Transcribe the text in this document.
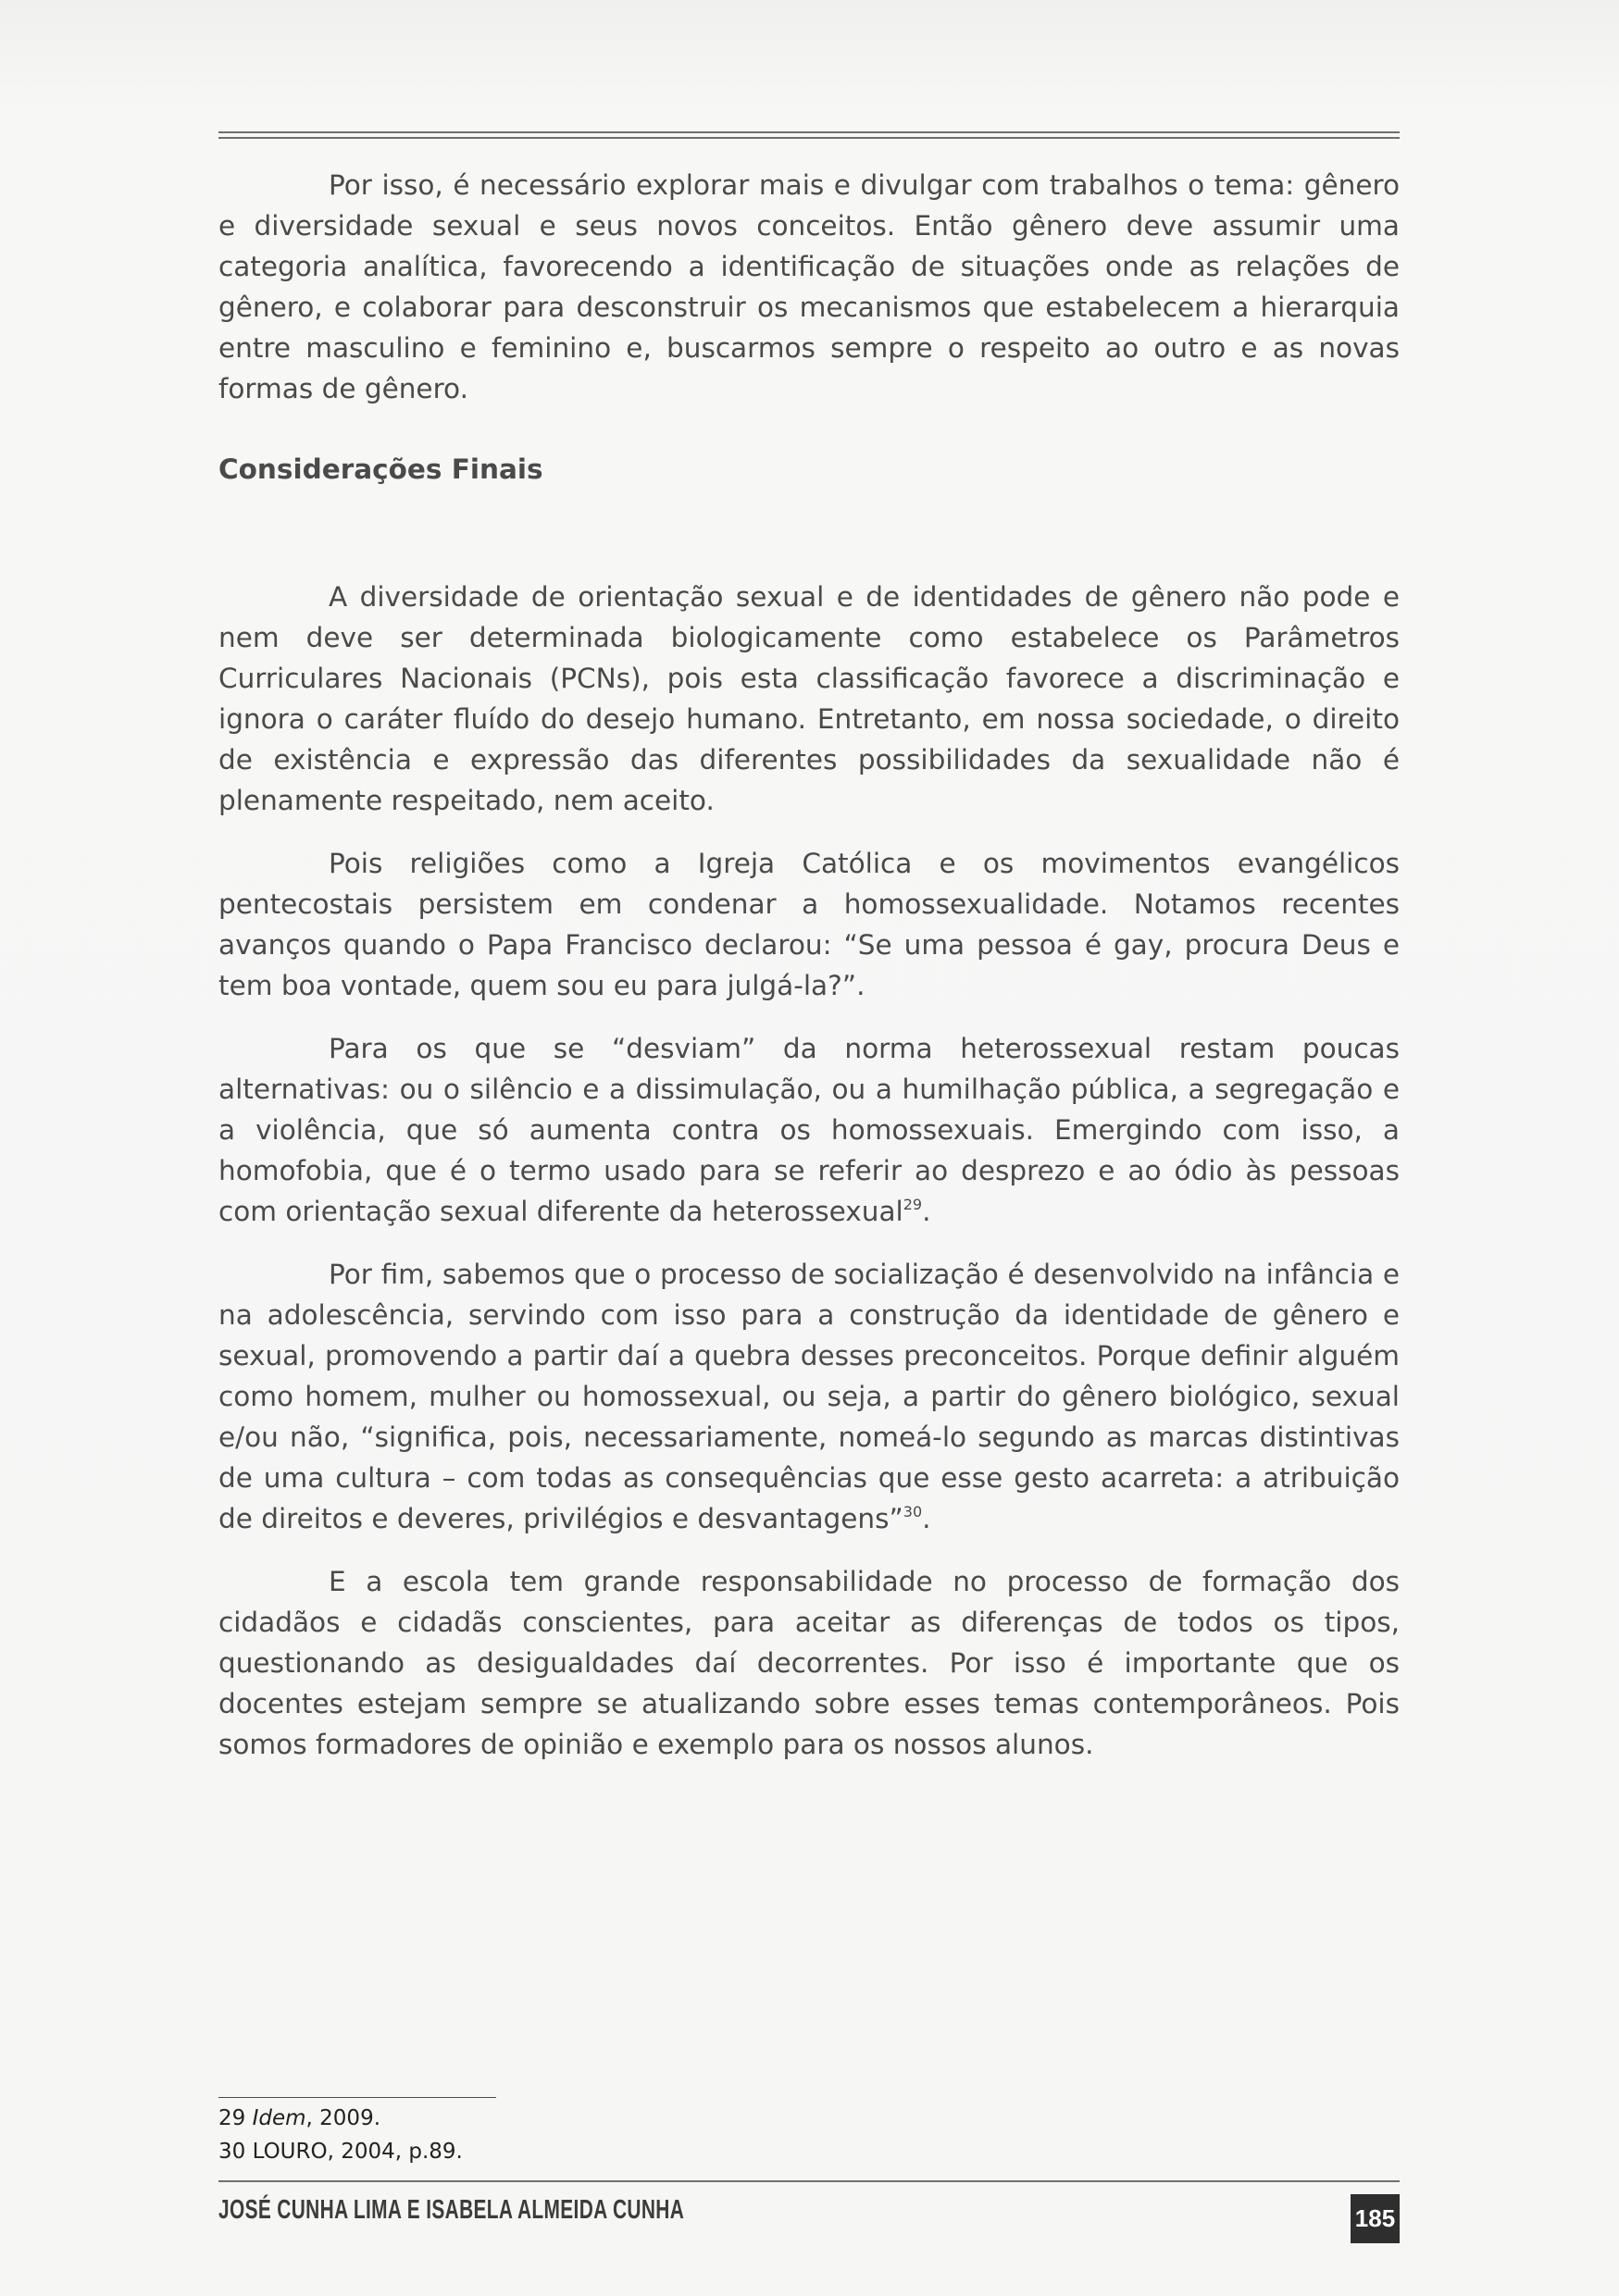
Por isso, é necessário explorar mais e divulgar com trabalhos o tema: gênero e diversidade sexual e seus novos conceitos. Então gênero deve assumir uma categoria analítica, favorecendo a identificação de situações onde as relações de gênero, e colaborar para desconstruir os mecanismos que estabelecem a hierarquia entre masculino e feminino e, buscarmos sempre o respeito ao outro e as novas formas de gênero.

Considerações Finais

A diversidade de orientação sexual e de identidades de gênero não pode e nem deve ser determinada biologicamente como estabelece os Parâmetros Curriculares Nacionais (PCNs), pois esta classificação favorece a discriminação e ignora o caráter fluído do desejo humano. Entretanto, em nossa sociedade, o direito de existência e expressão das diferentes possibilidades da sexualidade não é plenamente respeitado, nem aceito.

Pois religiões como a Igreja Católica e os movimentos evangélicos pentecostais persistem em condenar a homossexualidade. Notamos recentes avanços quando o Papa Francisco declarou: “Se uma pessoa é gay, procura Deus e tem boa vontade, quem sou eu para julgá-la?”.

Para os que se “desviam” da norma heterossexual restam poucas alternativas: ou o silêncio e a dissimulação, ou a humilhação pública, a segregação e a violência, que só aumenta contra os homossexuais. Emergindo com isso, a homofobia, que é o termo usado para se referir ao desprezo e ao ódio às pessoas com orientação sexual diferente da heterossexual$^{29}$.

Por fim, sabemos que o processo de socialização é desenvolvido na infância e na adolescência, servindo com isso para a construção da identidade de gênero e sexual, promovendo a partir daí a quebra desses preconceitos. Porque definir alguém como homem, mulher ou homossexual, ou seja, a partir do gênero biológico, sexual e/ou não, “significa, pois, necessariamente, nomeá-lo segundo as marcas distintivas de uma cultura – com todas as consequências que esse gesto acarreta: a atribuição de direitos e deveres, privilégios e desvantagens”$^{30}$.

E a escola tem grande responsabilidade no processo de formação dos cidadãos e cidadãs conscientes, para aceitar as diferenças de todos os tipos, questionando as desigualdades daí decorrentes. Por isso é importante que os docentes estejam sempre se atualizando sobre esses temas contemporâneos. Pois somos formadores de opinião e exemplo para os nossos alunos.

29 Idem, 2009.

30 LOURO, 2004, p.89.

JOSÉ CUNHA LIMA E ISABELA ALMEIDA CUNHA	185
